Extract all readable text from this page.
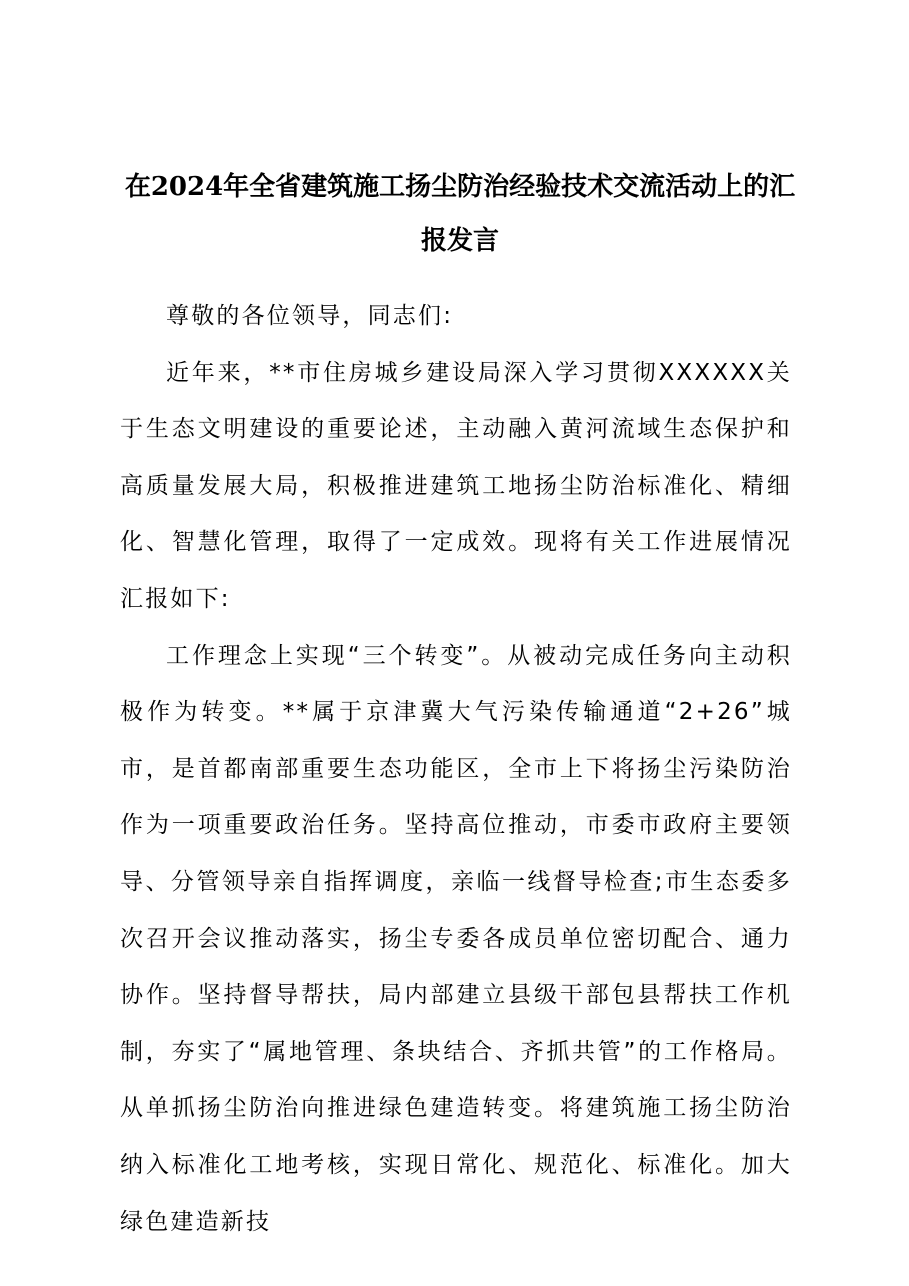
在2024年全省建筑施工扬尘防治经验技术交流活动上的汇报发言

尊敬的各位领导，同志们:

近年来，**市住房城乡建设局深入学习贯彻XXXXXX关于生态文明建设的重要论述，主动融入黄河流域生态保护和高质量发展大局，积极推进建筑工地扬尘防治标准化、精细化、智慧化管理，取得了一定成效。现将有关工作进展情况汇报如下:

工作理念上实现“三个转变”。从被动完成任务向主动积极作为转变。**属于京津冀大气污染传输通道“2+26”城市，是首都南部重要生态功能区，全市上下将扬尘污染防治作为一项重要政治任务。坚持高位推动，市委市政府主要领导、分管领导亲自指挥调度，亲临一线督导检查;市生态委多次召开会议推动落实，扬尘专委各成员单位密切配合、通力协作。坚持督导帮扶，局内部建立县级干部包县帮扶工作机制，夯实了“属地管理、条块结合、齐抓共管”的工作格局。从单抓扬尘防治向推进绿色建造转变。将建筑施工扬尘防治纳入标准化工地考核，实现日常化、规范化、标准化。加大绿色建造新技
